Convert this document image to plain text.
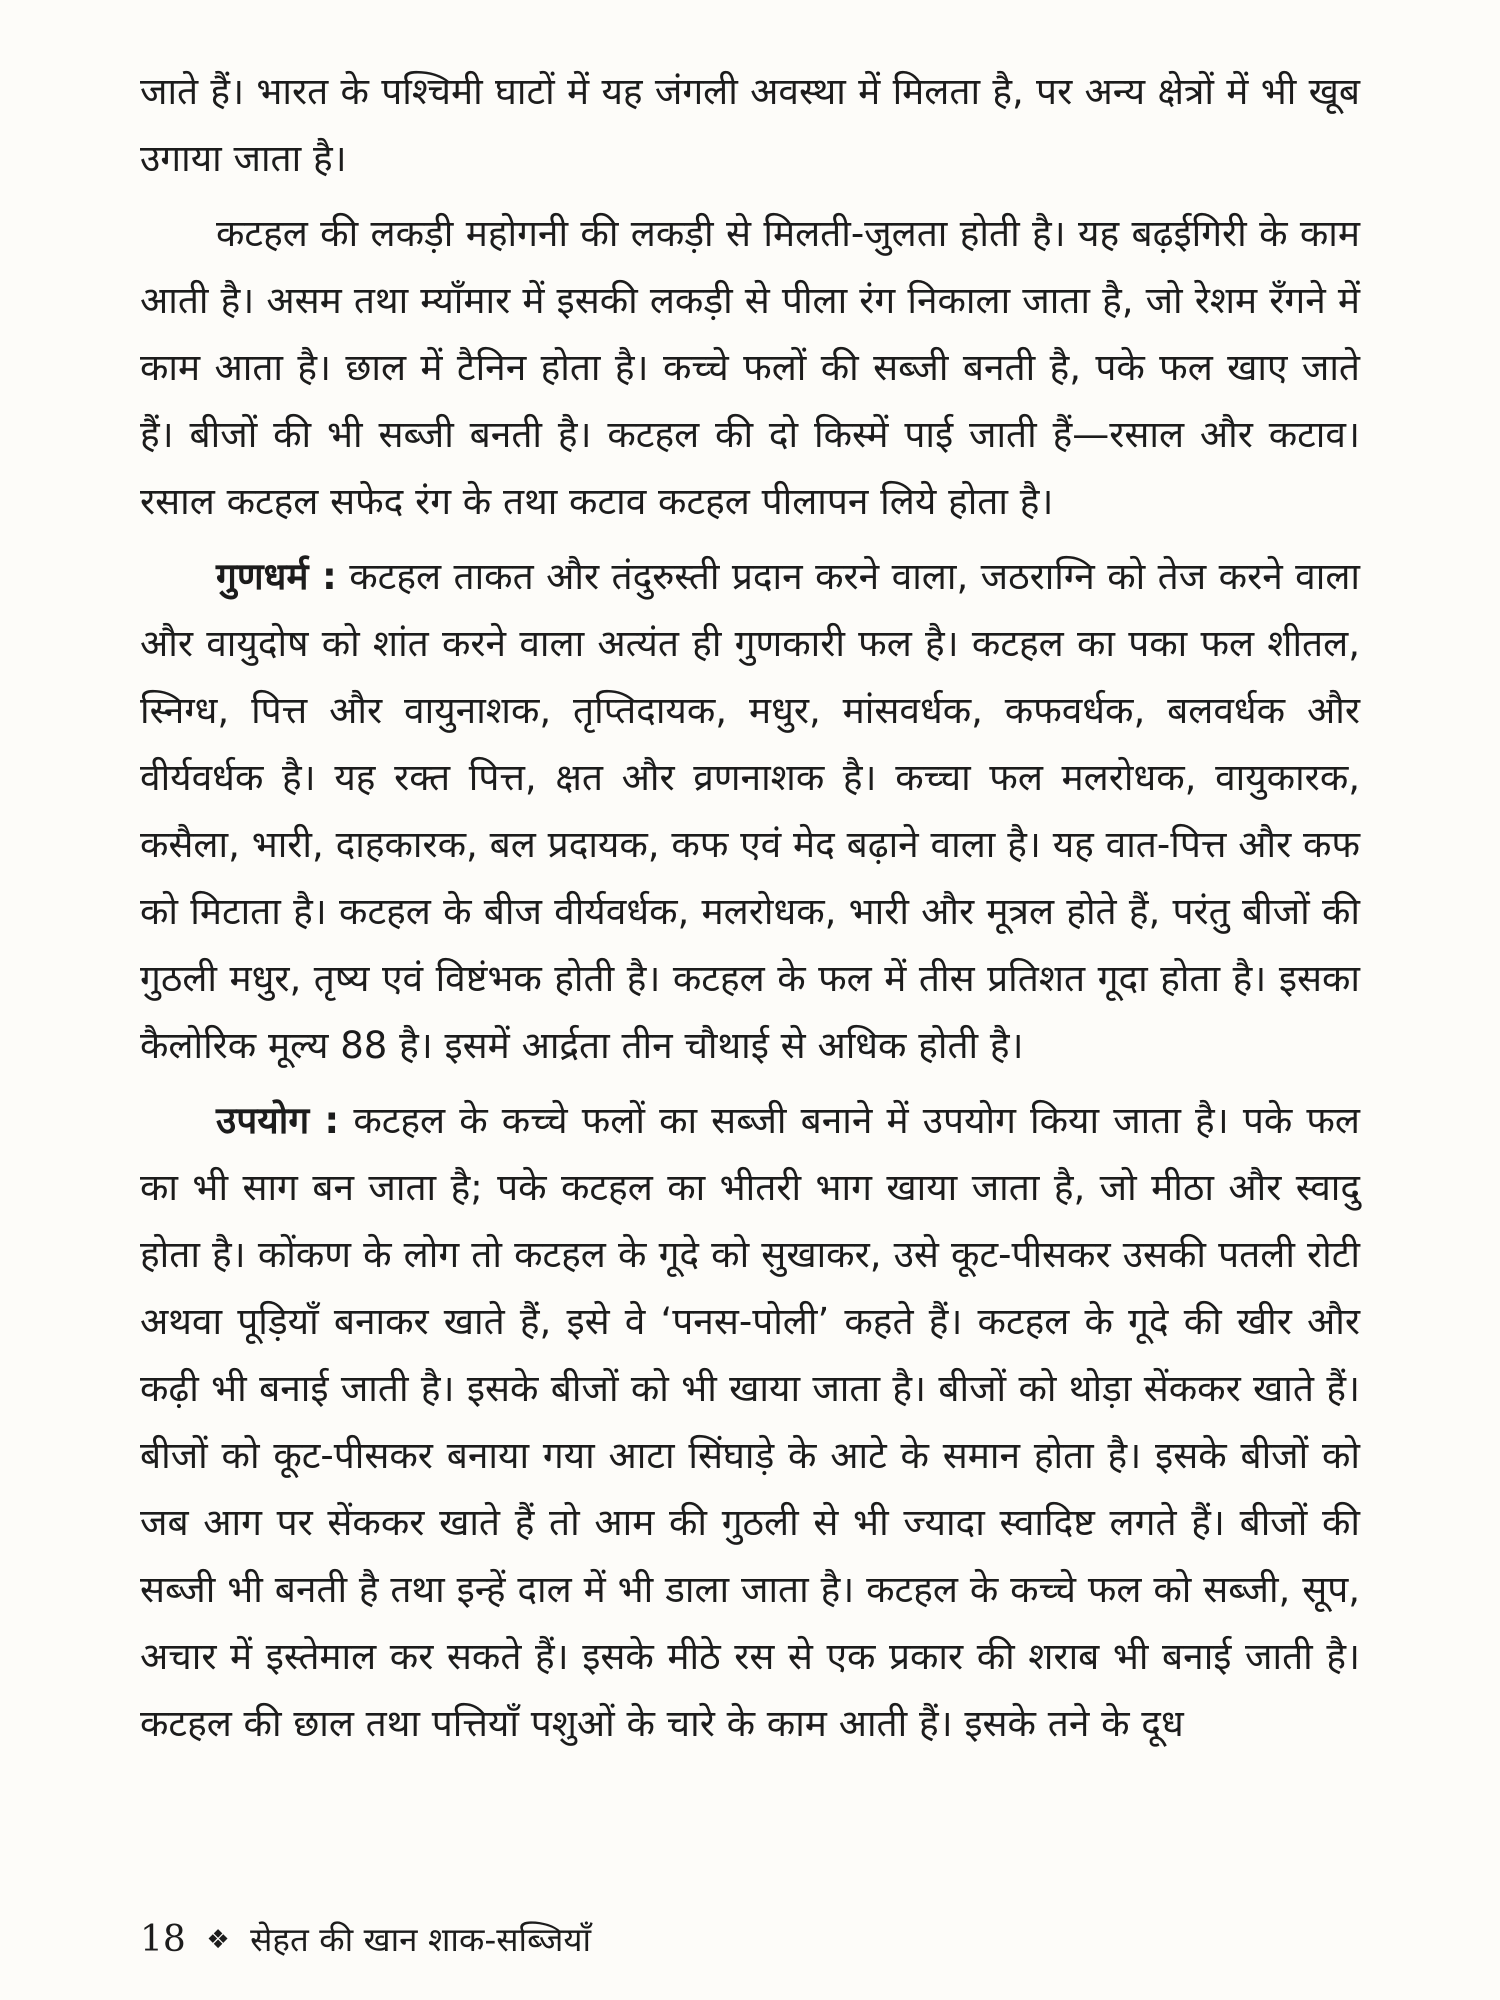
जाते हैं। भारत के पश्चिमी घाटों में यह जंगली अवस्था में मिलता है, पर अन्य क्षेत्रों में भी खूब उगाया जाता है।

कटहल की लकड़ी महोगनी की लकड़ी से मिलती-जुलता होती है। यह बढ़ईगिरी के काम आती है। असम तथा म्याँमार में इसकी लकड़ी से पीला रंग निकाला जाता है, जो रेशम रँगने में काम आता है। छाल में टैनिन होता है। कच्चे फलों की सब्जी बनती है, पके फल खाए जाते हैं। बीजों की भी सब्जी बनती है। कटहल की दो किस्में पाई जाती हैं—रसाल और कटाव। रसाल कटहल सफेद रंग के तथा कटाव कटहल पीलापन लिये होता है।

गुणधर्म : कटहल ताकत और तंदुरुस्ती प्रदान करने वाला, जठराग्नि को तेज करने वाला और वायुदोष को शांत करने वाला अत्यंत ही गुणकारी फल है। कटहल का पका फल शीतल, स्निग्ध, पित्त और वायुनाशक, तृप्तिदायक, मधुर, मांसवर्धक, कफवर्धक, बलवर्धक और वीर्यवर्धक है। यह रक्त पित्त, क्षत और व्रणनाशक है। कच्चा फल मलरोधक, वायुकारक, कसैला, भारी, दाहकारक, बल प्रदायक, कफ एवं मेद बढ़ाने वाला है। यह वात-पित्त और कफ को मिटाता है। कटहल के बीज वीर्यवर्धक, मलरोधक, भारी और मूत्रल होते हैं, परंतु बीजों की गुठली मधुर, तृष्य एवं विष्टंभक होती है। कटहल के फल में तीस प्रतिशत गूदा होता है। इसका कैलोरिक मूल्य 88 है। इसमें आर्द्रता तीन चौथाई से अधिक होती है।

उपयोग : कटहल के कच्चे फलों का सब्जी बनाने में उपयोग किया जाता है। पके फल का भी साग बन जाता है; पके कटहल का भीतरी भाग खाया जाता है, जो मीठा और स्वादु होता है। कोंकण के लोग तो कटहल के गूदे को सुखाकर, उसे कूट-पीसकर उसकी पतली रोटी अथवा पूड़ियाँ बनाकर खाते हैं, इसे वे ‘पनस-पोली’ कहते हैं। कटहल के गूदे की खीर और कढ़ी भी बनाई जाती है। इसके बीजों को भी खाया जाता है। बीजों को थोड़ा सेंककर खाते हैं। बीजों को कूट-पीसकर बनाया गया आटा सिंघाड़े के आटे के समान होता है। इसके बीजों को जब आग पर सेंककर खाते हैं तो आम की गुठली से भी ज्यादा स्वादिष्ट लगते हैं। बीजों की सब्जी भी बनती है तथा इन्हें दाल में भी डाला जाता है। कटहल के कच्चे फल को सब्जी, सूप, अचार में इस्तेमाल कर सकते हैं। इसके मीठे रस से एक प्रकार की शराब भी बनाई जाती है। कटहल की छाल तथा पत्तियाँ पशुओं के चारे के काम आती हैं। इसके तने के दूध

18 ❖ सेहत की खान शाक-सब्जियाँ
